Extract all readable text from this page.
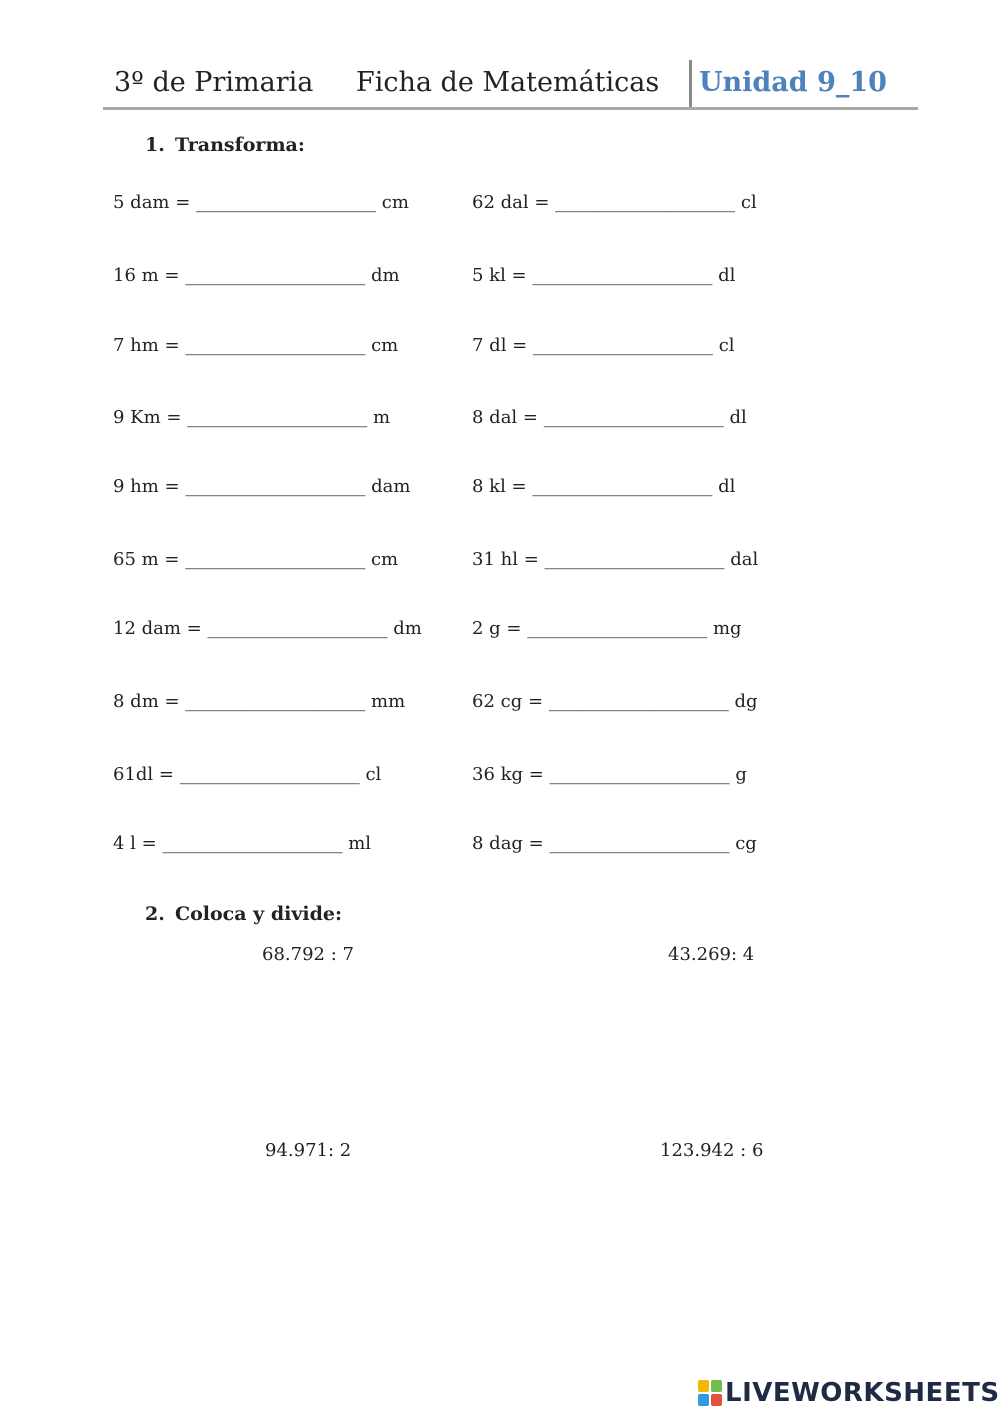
3º de Primaria Ficha de Matemáticas Unidad 9_10
1. Transforma:
5 dam = ____________________ cm
16 m = ____________________ dm
7 hm = ____________________ cm
9 Km = ____________________ m
9 hm = ____________________ dam
65 m = ____________________ cm
12 dam = ____________________ dm
8 dm = ____________________ mm
61dl = ____________________ cl
4 l = ____________________ ml
62 dal = ____________________ cl
5 kl = ____________________ dl
7 dl = ____________________ cl
8 dal = ____________________ dl
8 kl = ____________________ dl
31 hl = ____________________ dal
2 g = ____________________ mg
62 cg = ____________________ dg
36 kg = ____________________ g
8 dag = ____________________ cg
2. Coloca y divide:
68.792 : 7	43.269: 4
94.971: 2	123.942 : 6
LIVEWORKSHEETS
